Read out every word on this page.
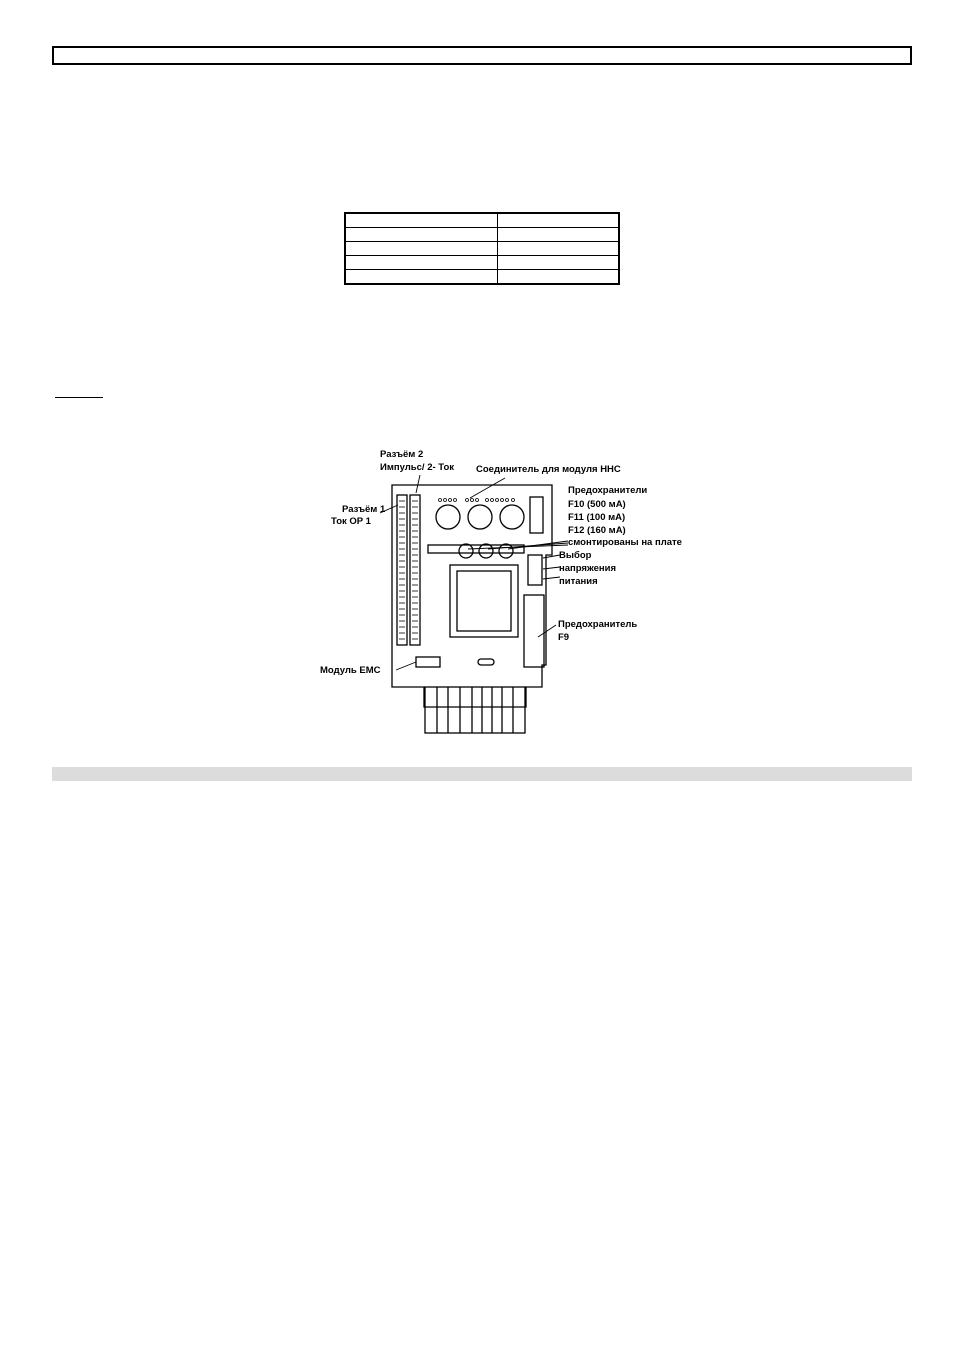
Разъём 2
Импульс/ 2- Ток Соединитель для модуля HHC
Разъём 1
Ток OP 1
Предохранители
F10 (500 мА)
F11 (100 мА)
F12 (160 мА)
смонтированы на плате
Выбор
напряжения
питания
Предохранитель
F9
Модуль EMC
